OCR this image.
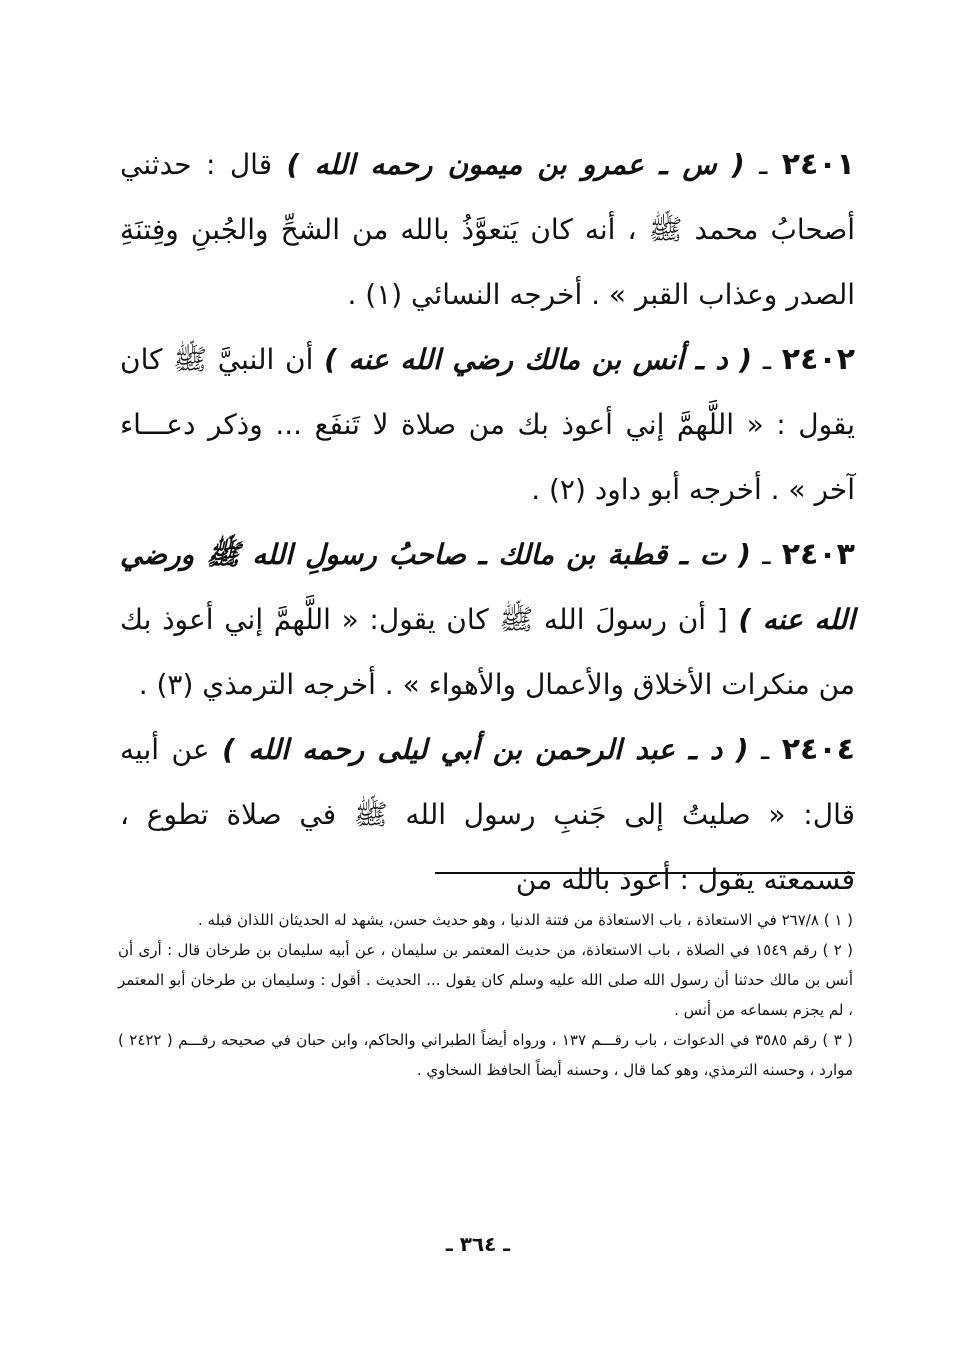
٢٤٠١ ـ ( س ـ عمرو بن ميمون رحمه الله ) قال : حدثني أصحابُ محمد ﷺ ، أنه كان يَتعوَّذُ بالله من الشحِّ والجُبنِ وفِتنَةِ الصدر وعذاب القبر » . أخرجه النسائي (١) .

٢٤٠٢ ـ ( د ـ أنس بن مالك رضي الله عنه ) أن النبيَّ ﷺ كان يقول : « اللَّهمَّ إني أعوذ بك من صلاة لا تَنفَع ... وذكر دعـــاء آخر » . أخرجه أبو داود (٢) .

٢٤٠٣ ـ ( ت ـ قطبة بن مالك ـ صاحبُ رسولِ الله ﷺ ورضي الله عنه ) [ أن رسولَ الله ﷺ كان يقول: « اللَّهمَّ إني أعوذ بك من منكرات الأخلاق والأعمال والأهواء » . أخرجه الترمذي (٣) .

٢٤٠٤ ـ ( د ـ عبد الرحمن بن أبي ليلى رحمه الله ) عن أبيه قال: « صليتُ إلى جَنبِ رسول الله ﷺ في صلاة تطوع ، فسمعته يقول : أعوذ بالله من

( ١ ) ٢٦٧/٨ في الاستعاذة ، باب الاستعاذة من فتنة الدنيا ، وهو حديث حسن، يشهد له الحديثان اللذان قبله .

( ٢ ) رقم ١٥٤٩ في الصلاة ، باب الاستعاذة، من حديث المعتمر بن سليمان ، عن أبيه سليمان بن طرخان قال : أرى أن أنس بن مالك حدثنا أن رسول الله صلى الله عليه وسلم كان يقول ... الحديث . أقول : وسليمان بن طرخان أبو المعتمر ، لم يجزم بسماعه من أنس .

( ٣ ) رقم ٣٥٨٥ في الدعوات ، باب رقـــم ١٣٧ ، ورواه أيضاً الطبراني والحاكم، وابن حبان في صحيحه رقـــم ( ٢٤٢٢ ) موارد ، وحسنه الترمذي، وهو كما قال ، وحسنه أيضاً الحافظ السخاوي .

ـ ٣٦٤ ـ
